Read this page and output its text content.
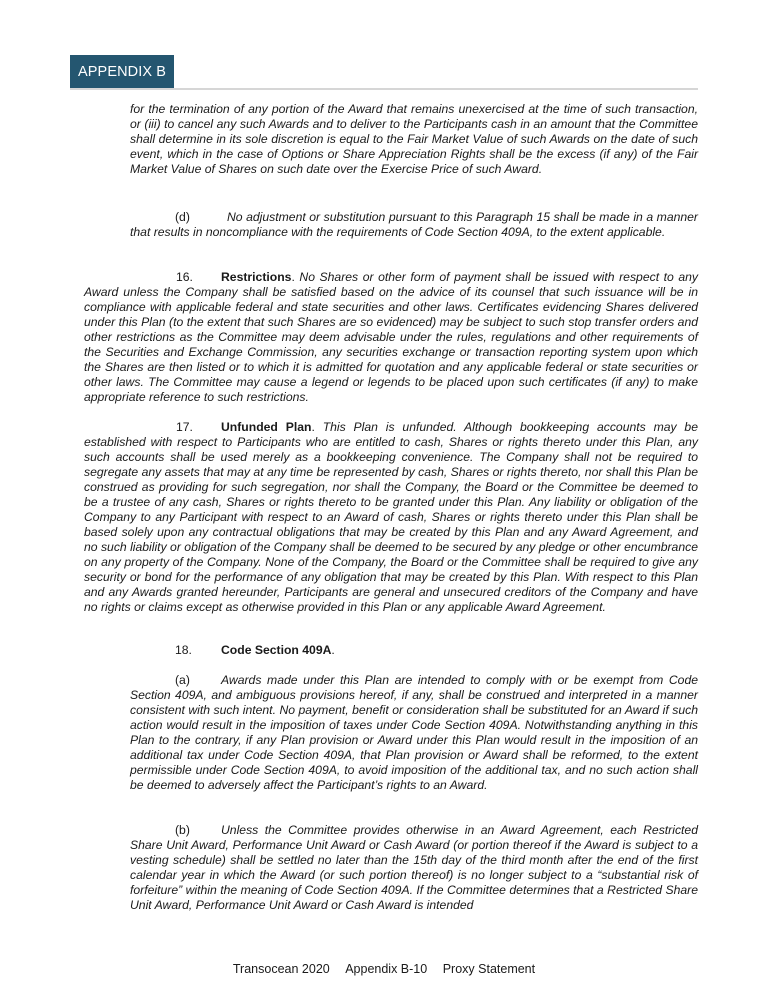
APPENDIX B

for the termination of any portion of the Award that remains unexercised at the time of such transaction, or (iii) to cancel any such Awards and to deliver to the Participants cash in an amount that the Committee shall determine in its sole discretion is equal to the Fair Market Value of such Awards on the date of such event, which in the case of Options or Share Appreciation Rights shall be the excess (if any) of the Fair Market Value of Shares on such date over the Exercise Price of such Award.

(d)	No adjustment or substitution pursuant to this Paragraph 15 shall be made in a manner that results in noncompliance with the requirements of Code Section 409A, to the extent applicable.

16. Restrictions. No Shares or other form of payment shall be issued with respect to any Award unless the Company shall be satisfied based on the advice of its counsel that such issuance will be in compliance with applicable federal and state securities and other laws. Certificates evidencing Shares delivered under this Plan (to the extent that such Shares are so evidenced) may be subject to such stop transfer orders and other restrictions as the Committee may deem advisable under the rules, regulations and other requirements of the Securities and Exchange Commission, any securities exchange or transaction reporting system upon which the Shares are then listed or to which it is admitted for quotation and any applicable federal or state securities or other laws. The Committee may cause a legend or legends to be placed upon such certificates (if any) to make appropriate reference to such restrictions.

17. Unfunded Plan. This Plan is unfunded. Although bookkeeping accounts may be established with respect to Participants who are entitled to cash, Shares or rights thereto under this Plan, any such accounts shall be used merely as a bookkeeping convenience. The Company shall not be required to segregate any assets that may at any time be represented by cash, Shares or rights thereto, nor shall this Plan be construed as providing for such segregation, nor shall the Company, the Board or the Committee be deemed to be a trustee of any cash, Shares or rights thereto to be granted under this Plan. Any liability or obligation of the Company to any Participant with respect to an Award of cash, Shares or rights thereto under this Plan shall be based solely upon any contractual obligations that may be created by this Plan and any Award Agreement, and no such liability or obligation of the Company shall be deemed to be secured by any pledge or other encumbrance on any property of the Company. None of the Company, the Board or the Committee shall be required to give any security or bond for the performance of any obligation that may be created by this Plan. With respect to this Plan and any Awards granted hereunder, Participants are general and unsecured creditors of the Company and have no rights or claims except as otherwise provided in this Plan or any applicable Award Agreement.

18. Code Section 409A.

(a)	Awards made under this Plan are intended to comply with or be exempt from Code Section 409A, and ambiguous provisions hereof, if any, shall be construed and interpreted in a manner consistent with such intent. No payment, benefit or consideration shall be substituted for an Award if such action would result in the imposition of taxes under Code Section 409A. Notwithstanding anything in this Plan to the contrary, if any Plan provision or Award under this Plan would result in the imposition of an additional tax under Code Section 409A, that Plan provision or Award shall be reformed, to the extent permissible under Code Section 409A, to avoid imposition of the additional tax, and no such action shall be deemed to adversely affect the Participant’s rights to an Award.

(b)	Unless the Committee provides otherwise in an Award Agreement, each Restricted Share Unit Award, Performance Unit Award or Cash Award (or portion thereof if the Award is subject to a vesting schedule) shall be settled no later than the 15th day of the third month after the end of the first calendar year in which the Award (or such portion thereof) is no longer subject to a “substantial risk of forfeiture” within the meaning of Code Section 409A. If the Committee determines that a Restricted Share Unit Award, Performance Unit Award or Cash Award is intended

Transocean 2020 Appendix B-10 Proxy Statement
